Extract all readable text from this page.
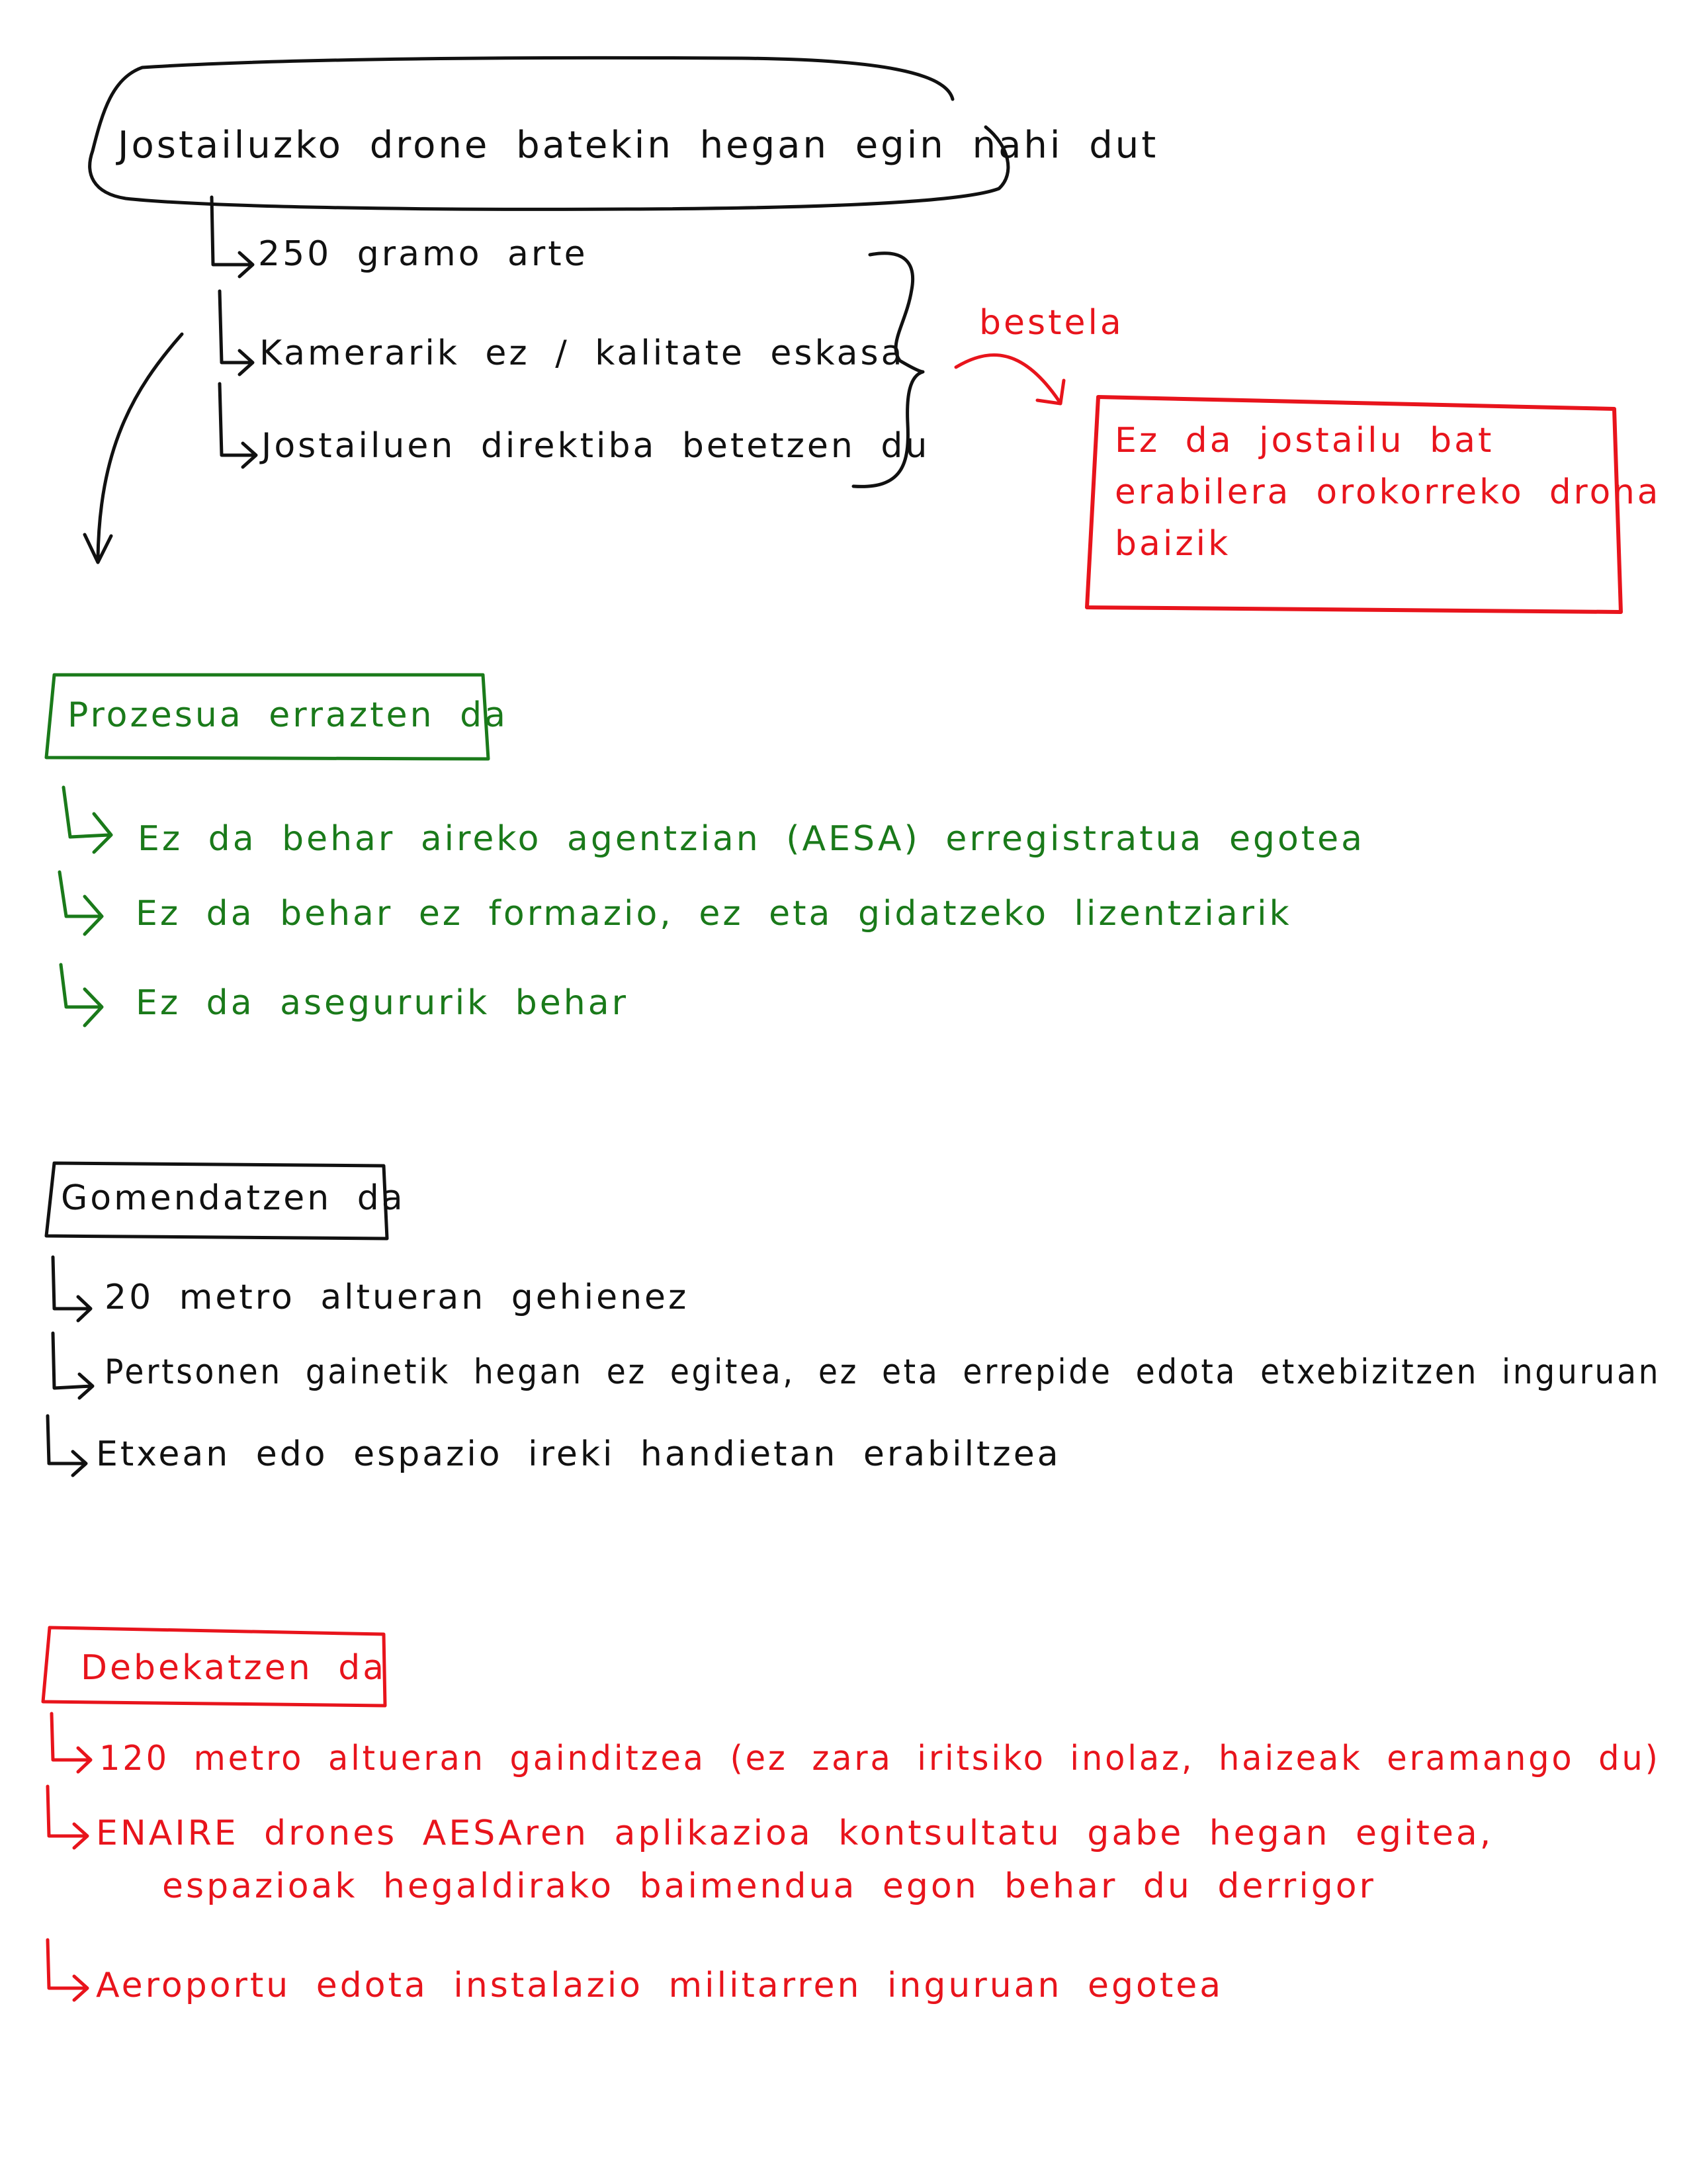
Jostailuzko drone batekin hegan egin nahi dut
250 gramo arte
Kamerarik ez / kalitate eskasa
Jostailuen direktiba betetzen du
bestela
Ez da jostailu bat
erabilera orokorreko drona
baizik
Prozesua errazten da
Ez da behar aireko agentzian (AESA) erregistratua egotea
Ez da behar ez formazio, ez eta gidatzeko lizentziarik
Ez da asegururik behar
Gomendatzen da
20 metro altueran gehienez
Pertsonen gainetik hegan ez egitea, ez eta errepide edota etxebizitzen inguruan
Etxean edo espazio ireki handietan erabiltzea
Debekatzen da
120 metro altueran gainditzea (ez zara iritsiko inolaz, haizeak eramango du)
ENAIRE drones AESAren aplikazioa kontsultatu gabe hegan egitea,
espazioak hegaldirako baimendua egon behar du derrigor
Aeroportu edota instalazio militarren inguruan egotea
